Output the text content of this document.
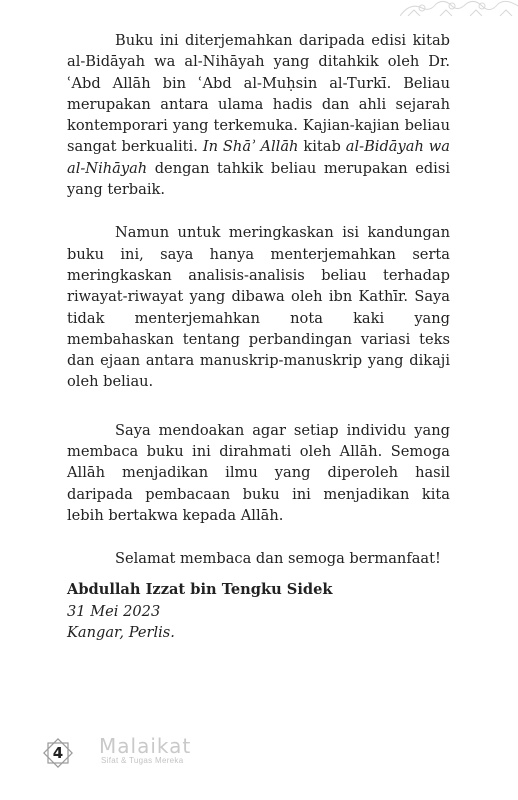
Buku ini diterjemahkan daripada edisi kitab al-Bidāyah wa al-Nihāyah yang ditahkik oleh Dr. ʿAbd Allāh bin ʿAbd al-Muḥsin al-Turkī. Beliau merupakan antara ulama hadis dan ahli sejarah kontemporari yang terkemuka. Kajian-kajian beliau sangat berkualiti. In Shāʾ Allāh kitab al-Bidāyah wa al-Nihāyah dengan tahkik beliau merupakan edisi yang terbaik.

Namun untuk meringkaskan isi kandungan buku ini, saya hanya menterjemahkan serta meringkaskan analisis-analisis beliau terhadap riwayat-riwayat yang dibawa oleh ibn Kathīr. Saya tidak menterjemahkan nota kaki yang membahaskan tentang perbandingan variasi teks dan ejaan antara manuskrip-manuskrip yang dikaji oleh beliau.

Saya mendoakan agar setiap individu yang membaca buku ini dirahmati oleh Allāh. Semoga Allāh menjadikan ilmu yang diperoleh hasil daripada pembacaan buku ini menjadikan kita lebih bertakwa kepada Allāh.

Selamat membaca dan semoga bermanfaat!

Abdullah Izzat bin Tengku Sidek
31 Mei 2023
Kangar, Perlis.
4	Malaikat
Sifat & Tugas Mereka
